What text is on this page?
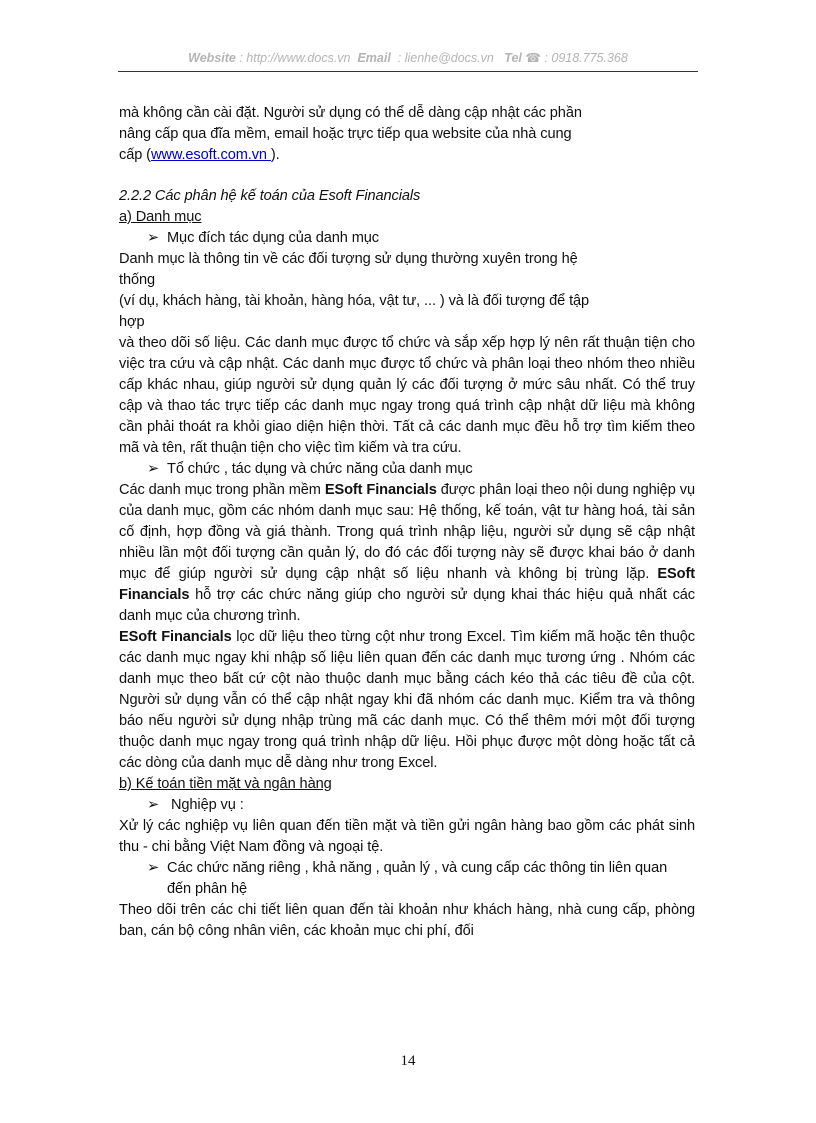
Website : http://www.docs.vn Email : lienhe@docs.vn Tel ☎ : 0918.775.368
mà không cần cài đặt. Người sử dụng có thể dễ dàng cập nhật các phần
nâng cấp qua đĩa mềm, email hoặc trực tiếp qua website của nhà cung
cấp (www.esoft.com.vn ).
2.2.2 Các phân hệ kế toán của Esoft Financials
a) Danh mục
➢ Mục đích tác dụng của danh mục
Danh mục là thông tin về các đối tượng sử dụng thường xuyên trong hệ
thống
(ví dụ, khách hàng, tài khoản, hàng hóa, vật tư, ... ) và là đối tượng để tập
hợp
và theo dõi số liệu. Các danh mục được tổ chức và sắp xếp hợp lý nên rất thuận tiện cho việc tra cứu và cập nhật. Các danh mục được tổ chức và phân loại theo nhóm theo nhiều cấp khác nhau, giúp người sử dụng quản lý các đối tượng ở mức sâu nhất. Có thể truy cập và thao tác trực tiếp các danh mục ngay trong quá trình cập nhật dữ liệu mà không cần phải thoát ra khỏi giao diện hiện thời. Tất cả các danh mục đều hỗ trợ tìm kiếm theo mã và tên, rất thuận tiện cho việc tìm kiếm và tra cứu.
➢ Tổ chức , tác dụng và chức năng của danh mục
Các danh mục trong phần mềm ESoft Financials được phân loại theo nội dung nghiệp vụ của danh mục, gồm các nhóm danh mục sau: Hệ thống, kế toán, vật tư hàng hoá, tài sản cố định, hợp đồng và giá thành. Trong quá trình nhập liệu, người sử dụng sẽ cập nhật nhiều lần một đối tượng cần quản lý, do đó các đối tượng này sẽ được khai báo ở danh mục để giúp người sử dụng cập nhật số liệu nhanh và không bị trùng lặp. ESoft Financials hỗ trợ các chức năng giúp cho người sử dụng khai thác hiệu quả nhất các danh mục của chương trình.
ESoft Financials lọc dữ liệu theo từng cột như trong Excel. Tìm kiếm mã hoặc tên thuộc các danh mục ngay khi nhập số liệu liên quan đến các danh mục tương ứng . Nhóm các danh mục theo bất cứ cột nào thuộc danh mục bằng cách kéo thả các tiêu đề của cột. Người sử dụng vẫn có thể cập nhật ngay khi đã nhóm các danh mục. Kiểm tra và thông báo nếu người sử dụng nhập trùng mã các danh mục. Có thể thêm mới một đối tượng thuộc danh mục ngay trong quá trình nhập dữ liệu. Hồi phục được một dòng hoặc tất cả các dòng của danh mục dễ dàng như trong Excel.
b) Kế toán tiền mặt và ngân hàng
➢ Nghiệp vụ :
Xử lý các nghiệp vụ liên quan đến tiền mặt và tiền gửi ngân hàng bao gồm các phát sinh thu - chi bằng Việt Nam đồng và ngoại tệ.
➢ Các chức năng riêng , khả năng , quản lý , và cung cấp các thông tin liên quan đến phân hệ
Theo dõi trên các chi tiết liên quan đến tài khoản như khách hàng, nhà cung cấp, phòng ban, cán bộ công nhân viên, các khoản mục chi phí, đối
14
